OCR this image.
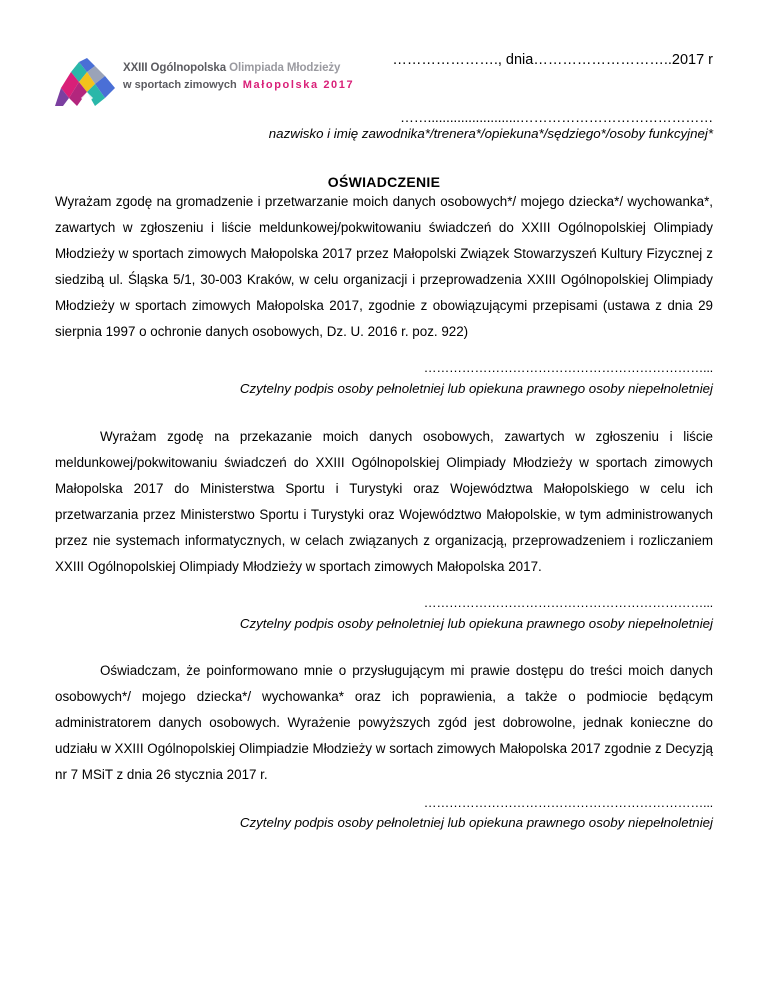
XXIII Ogólnopolska Olimpiada Młodzieży
w sportach zimowych Małopolska 2017
…………………., dnia………………………..2017 r
…….........................……………………………………
nazwisko i imię zawodnika*/trenera*/opiekuna*/sędziego*/osoby funkcyjnej*
OŚWIADCZENIE

Wyrażam zgodę na gromadzenie i przetwarzanie moich danych osobowych*/ mojego dziecka*/ wychowanka*, zawartych w zgłoszeniu i liście meldunkowej/pokwitowaniu świadczeń do XXIII Ogólnopolskiej Olimpiady Młodzieży w sportach zimowych Małopolska 2017 przez Małopolski Związek Stowarzyszeń Kultury Fizycznej z siedzibą ul. Śląska 5/1, 30-003 Kraków, w celu organizacji i przeprowadzenia XXIII Ogólnopolskiej Olimpiady Młodzieży w sportach zimowych Małopolska 2017, zgodnie z obowiązującymi przepisami (ustawa z dnia 29 sierpnia 1997 o ochronie danych osobowych, Dz. U. 2016 r. poz. 922)

…………………………………………………………...
Czytelny podpis osoby pełnoletniej lub opiekuna prawnego osoby niepełnoletniej

Wyrażam zgodę na przekazanie moich danych osobowych, zawartych w zgłoszeniu i liście meldunkowej/pokwitowaniu świadczeń do XXIII Ogólnopolskiej Olimpiady Młodzieży w sportach zimowych Małopolska 2017 do Ministerstwa Sportu i Turystyki oraz Województwa Małopolskiego w celu ich przetwarzania przez Ministerstwo Sportu i Turystyki oraz Województwo Małopolskie, w tym administrowanych przez nie systemach informatycznych, w celach związanych z organizacją, przeprowadzeniem i rozliczaniem XXIII Ogólnopolskiej Olimpiady Młodzieży w sportach zimowych Małopolska 2017.

…………………………………………………………...
Czytelny podpis osoby pełnoletniej lub opiekuna prawnego osoby niepełnoletniej

Oświadczam, że poinformowano mnie o przysługującym mi prawie dostępu do treści moich danych osobowych*/ mojego dziecka*/ wychowanka* oraz ich poprawienia, a także o podmiocie będącym administratorem danych osobowych. Wyrażenie powyższych zgód jest dobrowolne, jednak konieczne do udziału w XXIII Ogólnopolskiej Olimpiadzie Młodzieży w sortach zimowych Małopolska 2017 zgodnie z Decyzją nr 7 MSiT z dnia 26 stycznia 2017 r.

…………………………………………………………...
Czytelny podpis osoby pełnoletniej lub opiekuna prawnego osoby niepełnoletniej
